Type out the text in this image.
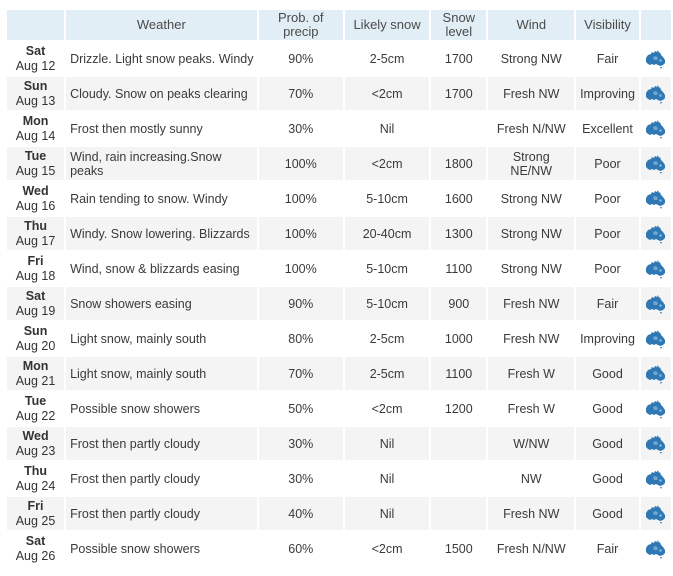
	Weather	Prob. of precip	Likely snow	Snow level	Wind	Visibility	

Sat
Aug 12	Drizzle. Light snow peaks. Windy	90%	2-5cm	1700	Strong NW	Fair	

Sun
Aug 13	Cloudy. Snow on peaks clearing	70%	<2cm	1700	Fresh NW	Improving	

Mon
Aug 14	Frost then mostly sunny	30%	Nil		Fresh N/NW	Excellent	

Tue
Aug 15	Wind, rain increasing.Snow peaks	100%	<2cm	1800	Strong NE/NW	Poor	

Wed
Aug 16	Rain tending to snow. Windy	100%	5-10cm	1600	Strong NW	Poor	

Thu
Aug 17	Windy. Snow lowering. Blizzards	100%	20-40cm	1300	Strong NW	Poor	

Fri
Aug 18	Wind, snow & blizzards easing	100%	5-10cm	1100	Strong NW	Poor	

Sat
Aug 19	Snow showers easing	90%	5-10cm	900	Fresh NW	Fair	

Sun
Aug 20	Light snow, mainly south	80%	2-5cm	1000	Fresh NW	Improving	

Mon
Aug 21	Light snow, mainly south	70%	2-5cm	1100	Fresh W	Good	

Tue
Aug 22	Possible snow showers	50%	<2cm	1200	Fresh W	Good	

Wed
Aug 23	Frost then partly cloudy	30%	Nil		W/NW	Good	

Thu
Aug 24	Frost then partly cloudy	30%	Nil		NW	Good	

Fri
Aug 25	Frost then partly cloudy	40%	Nil		Fresh NW	Good	

Sat
Aug 26	Possible snow showers	60%	<2cm	1500	Fresh N/NW	Fair	
